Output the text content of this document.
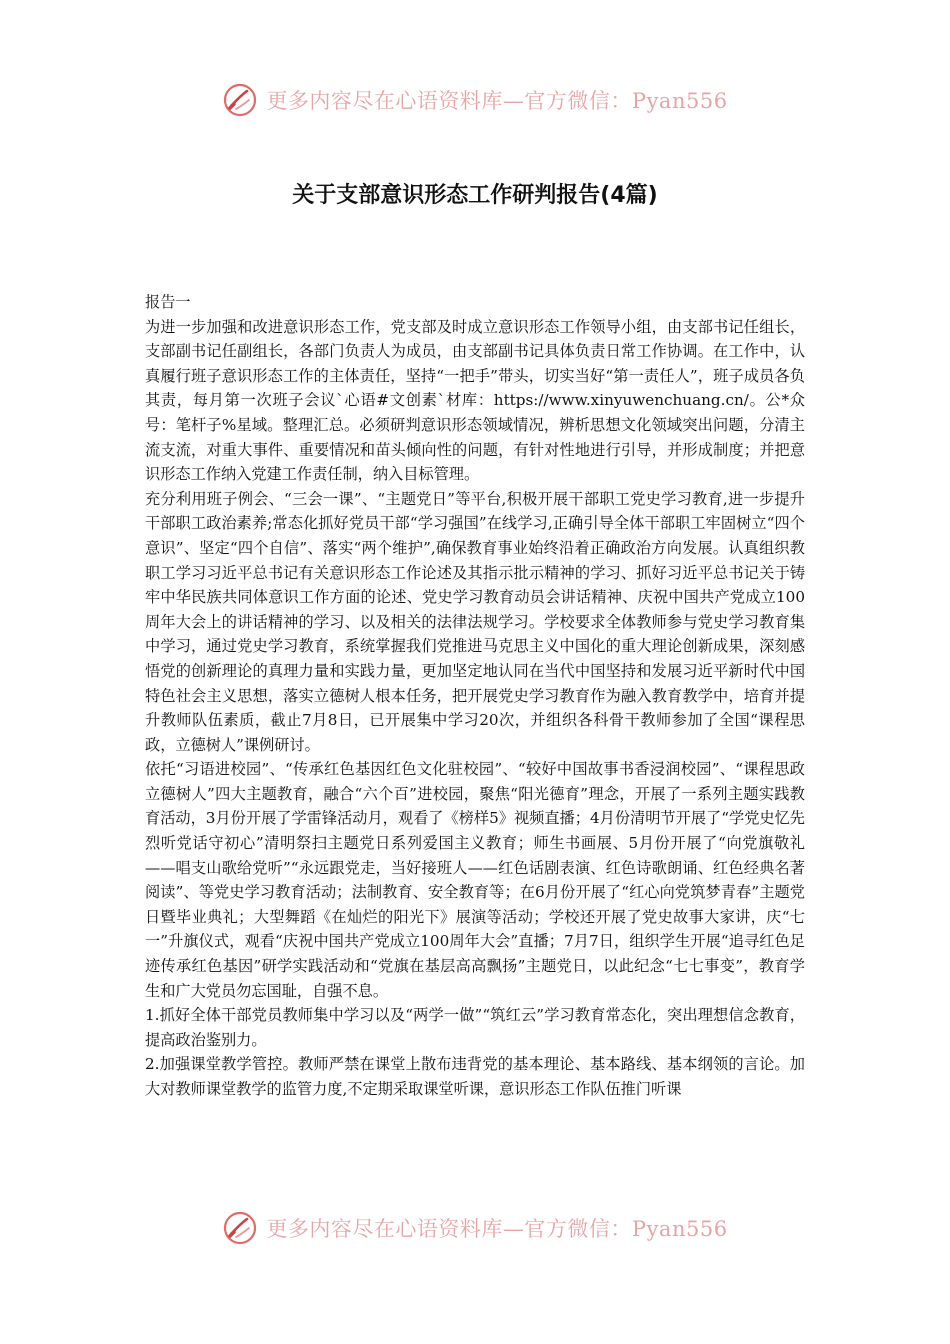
更多内容尽在心语资料库—官方微信：Pyan556
关于支部意识形态工作研判报告(4篇)

报告一

为进一步加强和改进意识形态工作，党支部及时成立意识形态工作领导小组，由支部书记任组长，支部副书记任副组长，各部门负责人为成员，由支部副书记具体负责日常工作协调。在工作中，认真履行班子意识形态工作的主体责任，坚持“一把手”带头，切实当好“第一责任人”，班子成员各负其责，每月第一次班子会议`心语#文创素`材库：https://www.xinyuwenchuang.cn/。公*众号：笔杆子%星域。整理汇总。必须研判意识形态领域情况，辨析思想文化领域突出问题，分清主流支流，对重大事件、重要情况和苗头倾向性的问题，有针对性地进行引导，并形成制度；并把意识形态工作纳入党建工作责任制，纳入目标管理。

充分利用班子例会、“三会一课”、“主题党日”等平台,积极开展干部职工党史学习教育,进一步提升干部职工政治素养;常态化抓好党员干部“学习强国”在线学习,正确引导全体干部职工牢固树立“四个意识”、坚定“四个自信”、落实“两个维护”,确保教育事业始终沿着正确政治方向发展。认真组织教职工学习习近平总书记有关意识形态工作论述及其指示批示精神的学习、抓好习近平总书记关于铸牢中华民族共同体意识工作方面的论述、党史学习教育动员会讲话精神、庆祝中国共产党成立100周年大会上的讲话精神的学习、以及相关的法律法规学习。学校要求全体教师参与党史学习教育集中学习，通过党史学习教育，系统掌握我们党推进马克思主义中国化的重大理论创新成果，深刻感悟党的创新理论的真理力量和实践力量，更加坚定地认同在当代中国坚持和发展习近平新时代中国特色社会主义思想，落实立德树人根本任务，把开展党史学习教育作为融入教育教学中，培育并提升教师队伍素质，截止7月8日，已开展集中学习20次，并组织各科骨干教师参加了全国“课程思政，立德树人”课例研讨。

依托“习语进校园”、“传承红色基因红色文化驻校园”、“较好中国故事书香浸润校园”、“课程思政立德树人”四大主题教育，融合“六个百”进校园，聚焦“阳光德育”理念，开展了一系列主题实践教育活动，3月份开展了学雷锋活动月，观看了《榜样5》视频直播；4月份清明节开展了“学党史忆先烈听党话守初心”清明祭扫主题党日系列爱国主义教育；师生书画展、5月份开展了“向党旗敬礼——唱支山歌给党听”“永远跟党走，当好接班人——红色话剧表演、红色诗歌朗诵、红色经典名著阅读”、等党史学习教育活动；法制教育、安全教育等；在6月份开展了“红心向党筑梦青春”主题党日暨毕业典礼；大型舞蹈《在灿烂的阳光下》展演等活动；学校还开展了党史故事大家讲，庆“七一”升旗仪式，观看“庆祝中国共产党成立100周年大会”直播；7月7日，组织学生开展“追寻红色足迹传承红色基因”研学实践活动和“党旗在基层高高飘扬”主题党日，以此纪念“七七事变”，教育学生和广大党员勿忘国耻，自强不息。

1.抓好全体干部党员教师集中学习以及“两学一做”“筑红云”学习教育常态化，突出理想信念教育，提高政治鉴别力。

2.加强课堂教学管控。教师严禁在课堂上散布违背党的基本理论、基本路线、基本纲领的言论。加大对教师课堂教学的监管力度,不定期采取课堂听课，意识形态工作队伍推门听课

更多内容尽在心语资料库—官方微信：Pyan556
